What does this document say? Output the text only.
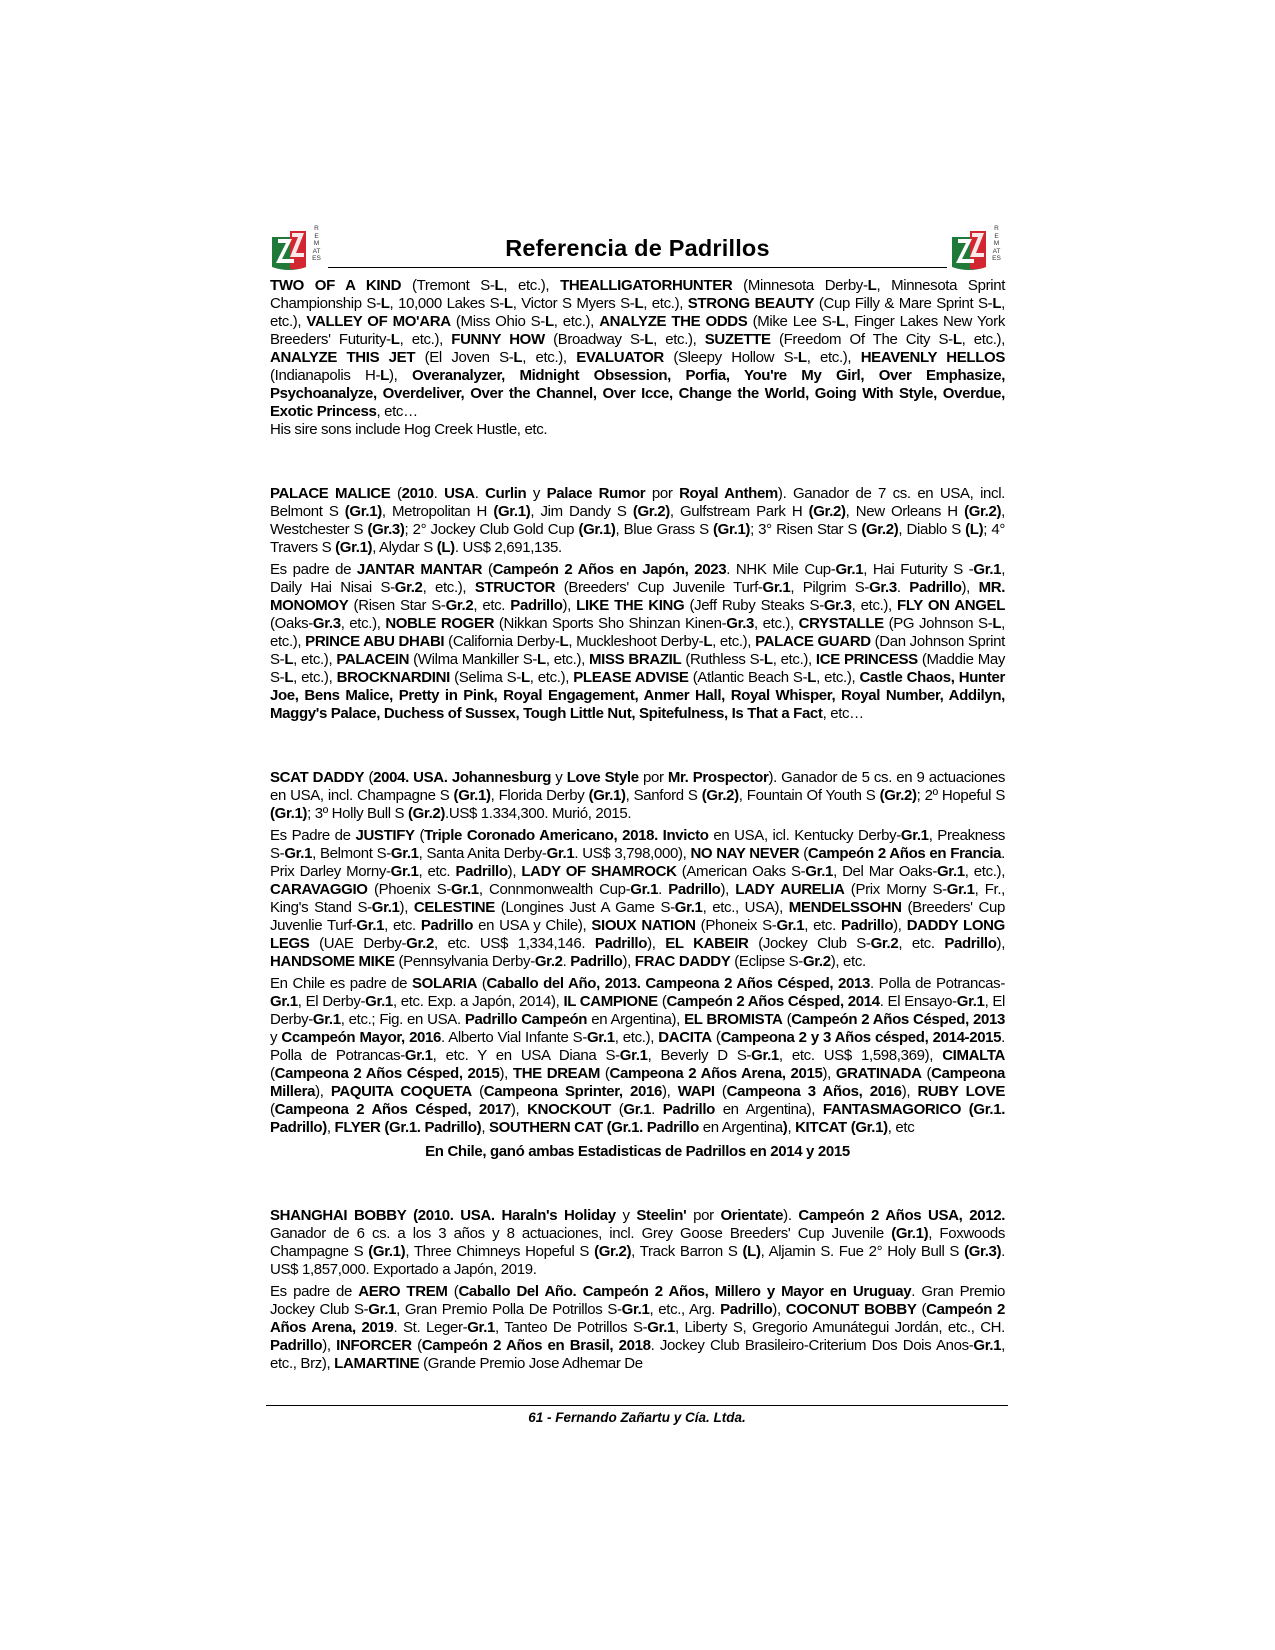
REMATES	Referencia de Padrillos
REMATES

TWO OF A KIND (Tremont S-L, etc.), THEALLIGATORHUNTER (Minnesota Derby-L, Minnesota Sprint Championship S-L, 10,000 Lakes S-L, Victor S Myers S-L, etc.), STRONG BEAUTY (Cup Filly & Mare Sprint S-L, etc.), VALLEY OF MO'ARA (Miss Ohio S-L, etc.), ANALYZE THE ODDS (Mike Lee S-L, Finger Lakes New York Breeders' Futurity-L, etc.), FUNNY HOW (Broadway S-L, etc.), SUZETTE (Freedom Of The City S-L, etc.), ANALYZE THIS JET (El Joven S-L, etc.), EVALUATOR (Sleepy Hollow S-L, etc.), HEAVENLY HELLOS (Indianapolis H-L), Overanalyzer, Midnight Obsession, Porfia, You're My Girl, Over Emphasize, Psychoanalyze, Overdeliver, Over the Channel, Over Icce, Change the World, Going With Style, Overdue, Exotic Princess, etc…

His sire sons include Hog Creek Hustle, etc.

PALACE MALICE (2010. USA. Curlin y Palace Rumor por Royal Anthem). Ganador de 7 cs. en USA, incl. Belmont S (Gr.1), Metropolitan H (Gr.1), Jim Dandy S (Gr.2), Gulfstream Park H (Gr.2), New Orleans H (Gr.2), Westchester S (Gr.3); 2° Jockey Club Gold Cup (Gr.1), Blue Grass S (Gr.1); 3° Risen Star S (Gr.2), Diablo S (L); 4° Travers S (Gr.1), Alydar S (L). US$ 2,691,135.

Es padre de JANTAR MANTAR (Campeón 2 Años en Japón, 2023. NHK Mile Cup-Gr.1, Hai Futurity S -Gr.1, Daily Hai Nisai S-Gr.2, etc.), STRUCTOR (Breeders' Cup Juvenile Turf-Gr.1, Pilgrim S-Gr.3. Padrillo), MR. MONOMOY (Risen Star S-Gr.2, etc. Padrillo), LIKE THE KING (Jeff Ruby Steaks S-Gr.3, etc.), FLY ON ANGEL (Oaks-Gr.3, etc.), NOBLE ROGER (Nikkan Sports Sho Shinzan Kinen-Gr.3, etc.), CRYSTALLE (PG Johnson S-L, etc.), PRINCE ABU DHABI (California Derby-L, Muckleshoot Derby-L, etc.), PALACE GUARD (Dan Johnson Sprint S-L, etc.), PALACEIN (Wilma Mankiller S-L, etc.), MISS BRAZIL (Ruthless S-L, etc.), ICE PRINCESS (Maddie May S-L, etc.), BROCKNARDINI (Selima S-L, etc.), PLEASE ADVISE (Atlantic Beach S-L, etc.), Castle Chaos, Hunter Joe, Bens Malice, Pretty in Pink, Royal Engagement, Anmer Hall, Royal Whisper, Royal Number, Addilyn, Maggy's Palace, Duchess of Sussex, Tough Little Nut, Spitefulness, Is That a Fact, etc…

SCAT DADDY (2004. USA. Johannesburg y Love Style por Mr. Prospector). Ganador de 5 cs. en 9 actuaciones en USA, incl. Champagne S (Gr.1), Florida Derby (Gr.1), Sanford S (Gr.2), Fountain Of Youth S (Gr.2); 2º Hopeful S (Gr.1); 3º Holly Bull S (Gr.2).US$ 1.334,300. Murió, 2015.

Es Padre de JUSTIFY (Triple Coronado Americano, 2018. Invicto en USA, icl. Kentucky Derby-Gr.1, Preakness S-Gr.1, Belmont S-Gr.1, Santa Anita Derby-Gr.1. US$ 3,798,000), NO NAY NEVER (Campeón 2 Años en Francia. Prix Darley Morny-Gr.1, etc. Padrillo), LADY OF SHAMROCK (American Oaks S-Gr.1, Del Mar Oaks-Gr.1, etc.), CARAVAGGIO (Phoenix S-Gr.1, Connmonwealth Cup-Gr.1. Padrillo), LADY AURELIA (Prix Morny S-Gr.1, Fr., King's Stand S-Gr.1), CELESTINE (Longines Just A Game S-Gr.1, etc., USA), MENDELSSOHN (Breeders' Cup Juvenlie Turf-Gr.1, etc. Padrillo en USA y Chile), SIOUX NATION (Phoneix S-Gr.1, etc. Padrillo), DADDY LONG LEGS (UAE Derby-Gr.2, etc. US$ 1,334,146. Padrillo), EL KABEIR (Jockey Club S-Gr.2, etc. Padrillo), HANDSOME MIKE (Pennsylvania Derby-Gr.2. Padrillo), FRAC DADDY (Eclipse S-Gr.2), etc.

En Chile es padre de SOLARIA (Caballo del Año, 2013. Campeona 2 Años Césped, 2013. Polla de Potrancas-Gr.1, El Derby-Gr.1, etc. Exp. a Japón, 2014), IL CAMPIONE (Campeón 2 Años Césped, 2014. El Ensayo-Gr.1, El Derby-Gr.1, etc.; Fig. en USA. Padrillo Campeón en Argentina), EL BROMISTA (Campeón 2 Años Césped, 2013 y Ccampeón Mayor, 2016. Alberto Vial Infante S-Gr.1, etc.), DACITA (Campeona 2 y 3 Años césped, 2014-2015. Polla de Potrancas-Gr.1, etc. Y en USA Diana S-Gr.1, Beverly D S-Gr.1, etc. US$ 1,598,369), CIMALTA (Campeona 2 Años Césped, 2015), THE DREAM (Campeona 2 Años Arena, 2015), GRATINADA (Campeona Millera), PAQUITA COQUETA (Campeona Sprinter, 2016), WAPI (Campeona 3 Años, 2016), RUBY LOVE (Campeona 2 Años Césped, 2017), KNOCKOUT (Gr.1. Padrillo en Argentina), FANTASMAGORICO (Gr.1. Padrillo), FLYER (Gr.1. Padrillo), SOUTHERN CAT (Gr.1. Padrillo en Argentina), KITCAT (Gr.1), etc

En Chile, ganó ambas Estadisticas de Padrillos en 2014 y 2015

SHANGHAI BOBBY (2010. USA. Haraln's Holiday y Steelin' por Orientate). Campeón 2 Años USA, 2012. Ganador de 6 cs. a los 3 años y 8 actuaciones, incl. Grey Goose Breeders' Cup Juvenile (Gr.1), Foxwoods Champagne S (Gr.1), Three Chimneys Hopeful S (Gr.2), Track Barron S (L), Aljamin S. Fue 2° Holy Bull S (Gr.3). US$ 1,857,000. Exportado a Japón, 2019.

Es padre de AERO TREM (Caballo Del Año. Campeón 2 Años, Millero y Mayor en Uruguay. Gran Premio Jockey Club S-Gr.1, Gran Premio Polla De Potrillos S-Gr.1, etc., Arg. Padrillo), COCONUT BOBBY (Campeón 2 Años Arena, 2019. St. Leger-Gr.1, Tanteo De Potrillos S-Gr.1, Liberty S, Gregorio Amunátegui Jordán, etc., CH. Padrillo), INFORCER (Campeón 2 Años en Brasil, 2018. Jockey Club Brasileiro-Criterium Dos Dois Anos-Gr.1, etc., Brz), LAMARTINE (Grande Premio Jose Adhemar De

61 - Fernando Zañartu y Cía. Ltda.
